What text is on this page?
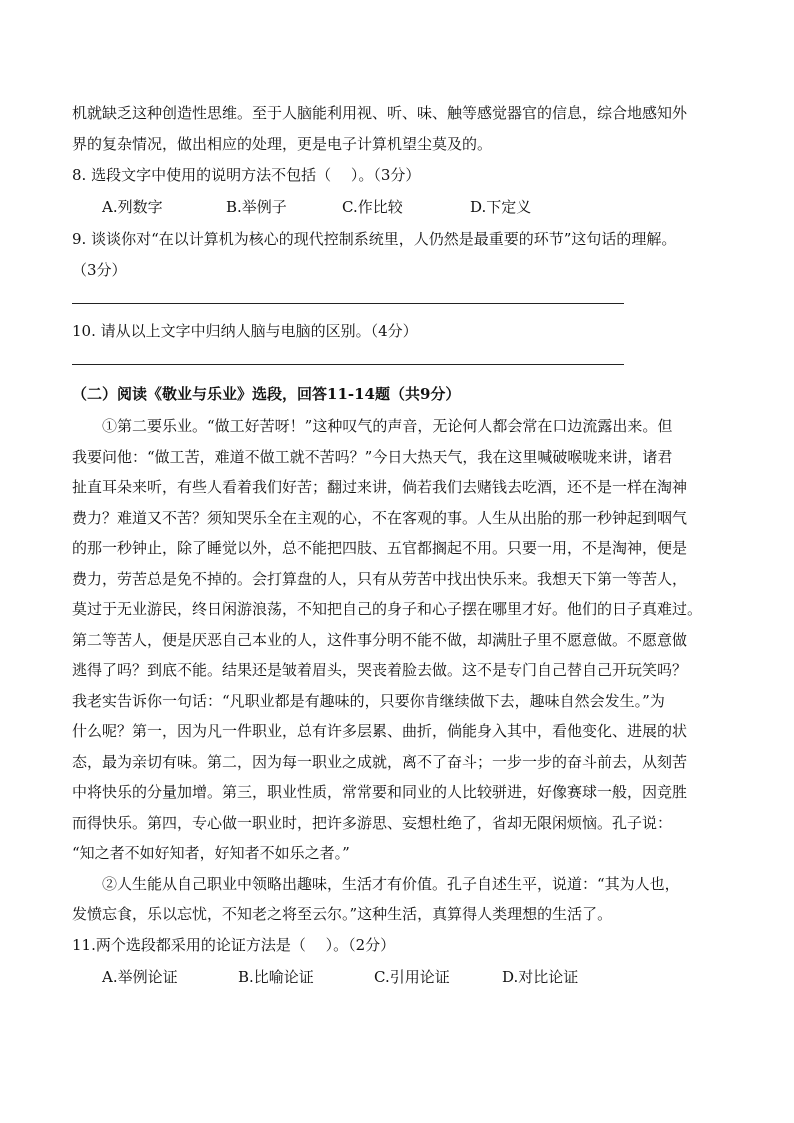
机就缺乏这种创造性思维。至于人脑能利用视、听、味、触等感觉器官的信息，综合地感知外
界的复杂情况，做出相应的处理，更是电子计算机望尘莫及的。
8. 选段文字中使用的说明方法不包括（　 ）。（3分）
A.列数字	B.举例子	C.作比较	D.下定义
9. 谈谈你对“在以计算机为核心的现代控制系统里，人仍然是最重要的环节”这句话的理解。
（3分）
10. 请从以上文字中归纳人脑与电脑的区别。（4分）
（二）阅读《敬业与乐业》选段，回答11-14题（共9分）
①第二要乐业。“做工好苦呀！”这种叹气的声音，无论何人都会常在口边流露出来。但
我要问他：“做工苦，难道不做工就不苦吗？”今日大热天气，我在这里喊破喉咙来讲，诸君
扯直耳朵来听，有些人看着我们好苦；翻过来讲，倘若我们去赌钱去吃酒，还不是一样在淘神
费力？难道又不苦？须知哭乐全在主观的心，不在客观的事。人生从出胎的那一秒钟起到咽气
的那一秒钟止，除了睡觉以外，总不能把四肢、五官都搁起不用。只要一用，不是淘神，便是
费力，劳苦总是免不掉的。会打算盘的人，只有从劳苦中找出快乐来。我想天下第一等苦人，
莫过于无业游民，终日闲游浪荡，不知把自己的身子和心子摆在哪里才好。他们的日子真难过。
第二等苦人，便是厌恶自己本业的人，这件事分明不能不做，却满肚子里不愿意做。不愿意做
逃得了吗？到底不能。结果还是皱着眉头，哭丧着脸去做。这不是专门自己替自己开玩笑吗？
我老实告诉你一句话：“凡职业都是有趣味的，只要你肯继续做下去，趣味自然会发生。”为
什么呢？第一，因为凡一件职业，总有许多层累、曲折，倘能身入其中，看他变化、进展的状
态，最为亲切有味。第二，因为每一职业之成就，离不了奋斗；一步一步的奋斗前去，从刻苦
中将快乐的分量加增。第三，职业性质，常常要和同业的人比较骈进，好像赛球一般，因竞胜
而得快乐。第四，专心做一职业时，把许多游思、妄想杜绝了，省却无限闲烦恼。孔子说：
“知之者不如好知者，好知者不如乐之者。”
②人生能从自己职业中领略出趣味，生活才有价值。孔子自述生平，说道：“其为人也，
发愤忘食，乐以忘忧，不知老之将至云尔。”这种生活，真算得人类理想的生活了。
11.两个选段都采用的论证方法是（　 ）。（2分）
A.举例论证	B.比喻论证	C.引用论证	D.对比论证
